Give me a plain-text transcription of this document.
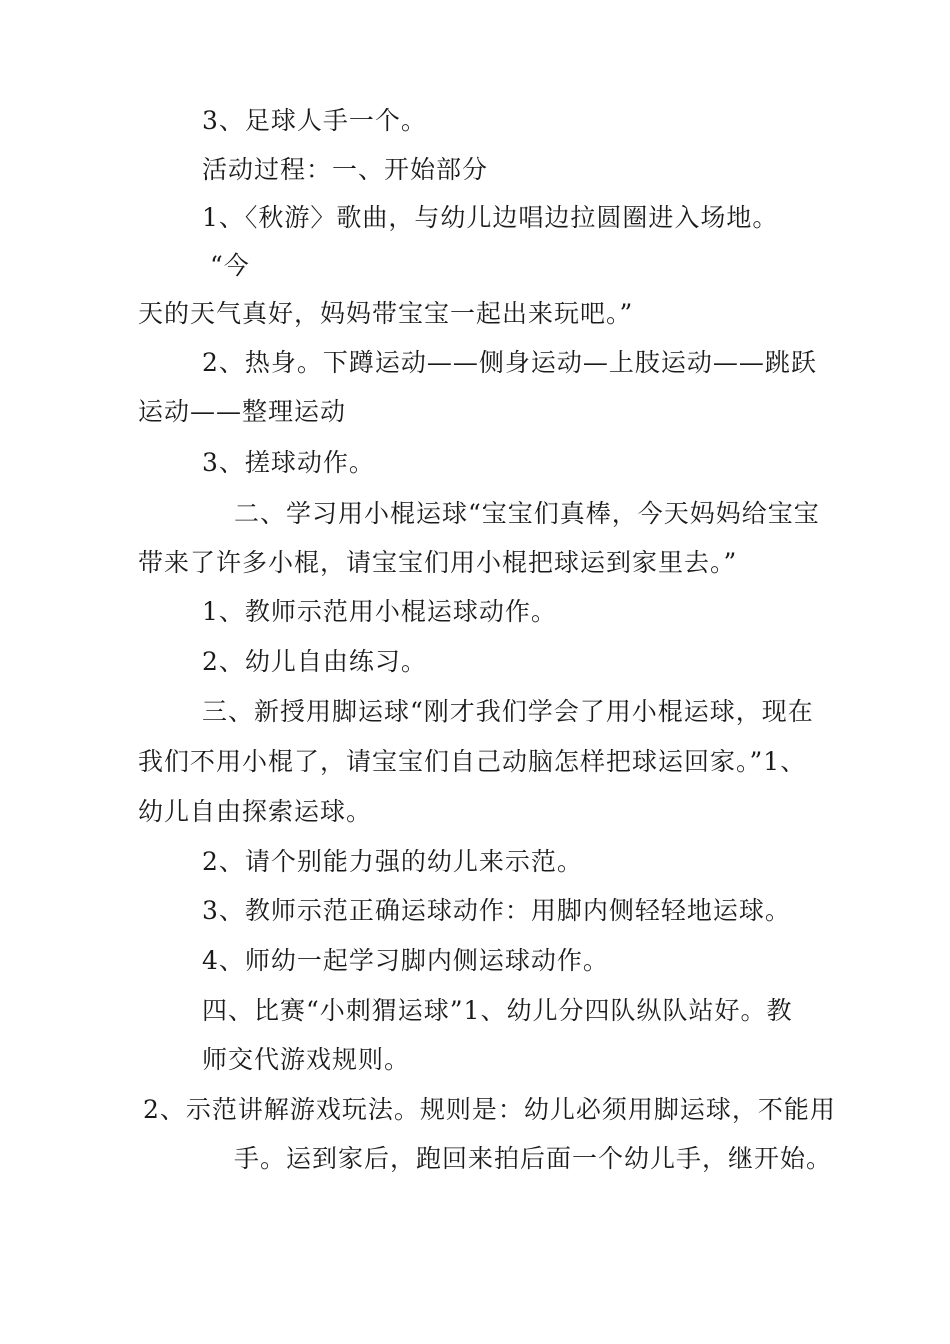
3、足球人手一个。

活动过程：一、开始部分

1、〈秋游〉歌曲，与幼儿边唱边拉圆圈进入场地。

“今

天的天气真好，妈妈带宝宝一起出来玩吧。”

2、热身。下蹲运动——侧身运动—上肢运动——跳跃

运动——整理运动

3、搓球动作。

二、学习用小棍运球“宝宝们真棒，今天妈妈给宝宝

带来了许多小棍，请宝宝们用小棍把球运到家里去。”

1、教师示范用小棍运球动作。

2、幼儿自由练习。

三、新授用脚运球“刚才我们学会了用小棍运球，现在

我们不用小棍了，请宝宝们自己动脑怎样把球运回家。”1、

幼儿自由探索运球。

2、请个别能力强的幼儿来示范。

3、教师示范正确运球动作：用脚内侧轻轻地运球。

4、师幼一起学习脚内侧运球动作。

四、比赛“小刺猬运球”1、幼儿分四队纵队站好。教

师交代游戏规则。

2、示范讲解游戏玩法。规则是：幼儿必须用脚运球，不能用

手。运到家后，跑回来拍后面一个幼儿手，继开始。
